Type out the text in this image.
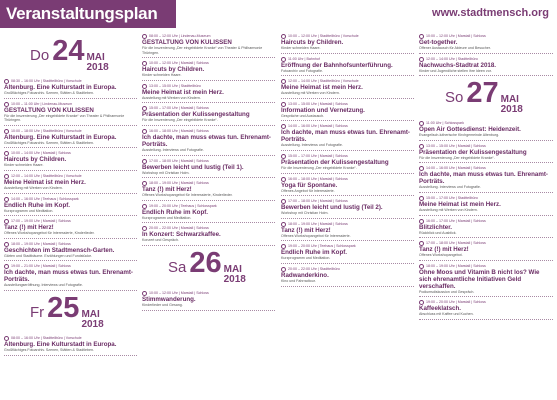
Veranstaltungsplan	www.stadtmensch.org
Do 24 MAI
2018
08:30 – 16:00 Uhr | Stadtteilbüro | Vorschule
Altenburg. Eine Kulturstadt in Europa.
Großflächiges Fotoarchiv. Szenen, Stätten & Stadtleben.
10:00 – 11:00 Uhr | Lindenau-Museum
GESTALTUNG VON KULISSEN
Für die Inszenierung „Der eingebildete Kranke“ von Theater & Philharmonie Thüringen.
10:00 – 18:00 Uhr | Stadtteilbüro | Vorschule
Altenburg. Eine Kulturstadt in Europa.
Großflächiges Fotoarchiv. Szenen, Stätten & Stadtleben.
10:00 – 14:00 Uhr | Marstall | Schloss
Haircuts by Children.
Kinder schneiden Haare.
12:00 – 14:00 Uhr | Stadtteilbüro | Vorschule
Meine Heimat ist mein Herz.
Ausstellung mit Werken von Kindern.
14:00 – 16:00 Uhr | Teehaus | Schlosspark
Endlich Ruhe im Kopf.
Kurzprogramm und Meditation.
17:00 – 19:00 Uhr | Marstall | Schloss
Tanz (!) mit Herz!
Offenes Workshopangebot für Interessierte, Kinderlieder.
18:00 – 19:00 Uhr | Marstall | Schloss
Geschichten im Stadtmensch-Garten.
Gärten und Stadtbäume. Erzählungen und Fundstücke.
19:00 – 21:00 Uhr | Marstall | Schloss
Ich dachte, man muss etwas tun. Ehrenamt-Porträts.
Ausstellungseröffnung. Interviews und Fotografie.
Fr 25 MAI
2018
08:00 – 16:00 Uhr | Stadtteilbüro | Vorschule
Altenburg. Eine Kulturstadt in Europa.
Großflächiges Fotoarchiv. Szenen, Stätten & Stadtleben.
08:00 – 12:00 Uhr | Lindenau-Museum
GESTALTUNG VON KULISSEN
Für die Inszenierung „Der eingebildete Kranke“ von Theater & Philharmonie Thüringen.
10:00 – 12:00 Uhr | Marstall | Schloss
Haircuts by Children.
Kinder schneiden Haare.
13:00 – 15:00 Uhr | Stadtteilbüro
Meine Heimat ist mein Herz.
Ausstellung mit Werken von Kindern.
15:00 – 17:00 Uhr | Marstall | Schloss
Präsentation der Kulissengestaltung
Für die Inszenierung „Der eingebildete Kranke“.
16:00 – 18:00 Uhr | Marstall | Schloss
Ich dachte, man muss etwas tun. Ehrenamt-Porträts.
Ausstellung. Interviews und Fotografie.
17:00 – 18:00 Uhr | Marstall | Schloss
Bewerben leicht und lustig (Teil 1).
Workshop mit Christian Holm.
18:00 – 19:00 Uhr | Marstall | Schloss
Tanz (!) mit Herz!
Offenes Workshopangebot für Interessierte, Kinderlieder.
19:00 – 20:00 Uhr | Teehaus | Schlosspark
Endlich Ruhe im Kopf.
Kurzprogramm und Meditation.
20:00 – 22:00 Uhr | Marstall | Schloss
In Konzert: Schwarzkaffee.
Konzert und Gespräch.
Sa 26 MAI
2018
10:00 – 12:00 Uhr | Marstall | Schloss
Stimmwanderung.
Kinderlieder und Gesang.
10:00 – 12:00 Uhr | Stadtteilbüro | Vorschule
Haircuts by Children.
Kinder schneiden Haare.
11:00 Uhr | Bahnhof
Eröffnung der Bahnhofsunterführung.
Fotoarchiv und Fotografie.
12:00 – 14:00 Uhr | Stadtteilbüro | Vorschule
Meine Heimat ist mein Herz.
Ausstellung mit Werken von Kindern.
13:00 – 15:00 Uhr | Marstall | Schloss
Information und Vernetzung.
Gespräche und Austausch.
14:00 – 16:00 Uhr | Marstall | Schloss
Ich dachte, man muss etwas tun. Ehrenamt-Porträts.
Ausstellung. Interviews und Fotografie.
15:00 – 17:00 Uhr | Marstall | Schloss
Präsentation der Kulissengestaltung
Für die Inszenierung „Der eingebildete Kranke“.
16:00 – 18:00 Uhr | Marstall | Schloss
Yoga für Spontane.
Offenes Angebot für Interessierte.
17:00 – 18:00 Uhr | Marstall | Schloss
Bewerben leicht und lustig (Teil 2).
Workshop mit Christian Holm.
18:00 – 19:00 Uhr | Marstall | Schloss
Tanz (!) mit Herz!
Offenes Workshopangebot für Interessierte.
19:00 – 20:00 Uhr | Teehaus | Schlosspark
Endlich Ruhe im Kopf.
Kurzprogramm und Meditation.
20:00 – 22:00 Uhr | Stadtteilbüro
Radwanderkino.
Kino und Fahrradtour.
10:00 – 12:00 Uhr | Marstall | Schloss
Get-together.
Offener Austausch für Akteure und Besucher.
12:00 – 14:00 Uhr | Stadtteilbüro
Nachwuchs-Stadtrat 2018.
Kinder und Jugendliche stellen ihre Ideen vor.
So 27 MAI
2018
11:00 Uhr | Schlosspark
Open Air Gottesdienst: Heidenzeit.
Evangelisch-lutherische Kirchgemeinde Altenburg.
13:00 – 15:00 Uhr | Marstall | Schloss
Präsentation der Kulissengestaltung
Für die Inszenierung „Der eingebildete Kranke“.
14:00 – 16:00 Uhr | Marstall | Schloss
Ich dachte, man muss etwas tun. Ehrenamt-Porträts.
Ausstellung. Interviews und Fotografie.
15:00 – 17:00 Uhr | Stadtteilbüro
Meine Heimat ist mein Herz.
Ausstellung mit Werken von Kindern.
16:00 – 17:00 Uhr | Marstall | Schloss
Blitzlichter.
Rückblick und Ausblick.
17:00 – 18:00 Uhr | Marstall | Schloss
Tanz (!) mit Herz!
Offenes Workshopangebot.
18:00 – 19:00 Uhr | Marstall | Schloss
Ohne Moos und Vitamin B nicht los? Wie sich ehrenamtliche Initiativen Geld verschaffen.
Podiumsdiskussion und Gespräch.
19:00 – 20:00 Uhr | Marstall | Schloss
Kaffeeklatsch.
Abschluss mit Kaffee und Kuchen.
